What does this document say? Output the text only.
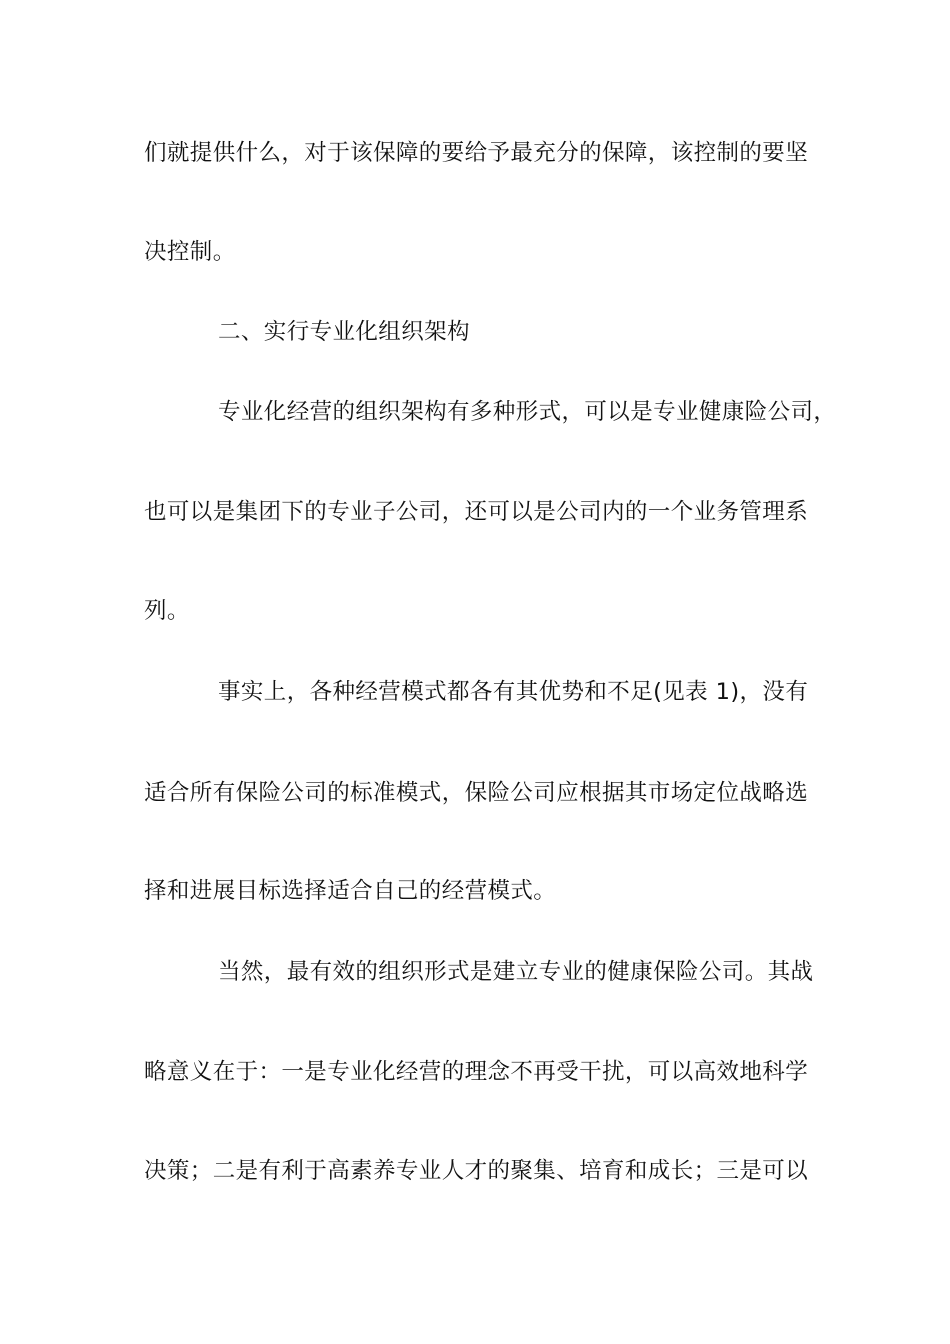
们就提供什么，对于该保障的要给予最充分的保障，该控制的要坚
决控制。
二、实行专业化组织架构
专业化经营的组织架构有多种形式，可以是专业健康险公司，
也可以是集团下的专业子公司，还可以是公司内的一个业务管理系
列。
事实上，各种经营模式都各有其优势和不足(见表 1)，没有
适合所有保险公司的标准模式，保险公司应根据其市场定位战略选
择和进展目标选择适合自己的经营模式。
当然，最有效的组织形式是建立专业的健康保险公司。其战
略意义在于：一是专业化经营的理念不再受干扰，可以高效地科学
决策；二是有利于高素养专业人才的聚集、培育和成长；三是可以
